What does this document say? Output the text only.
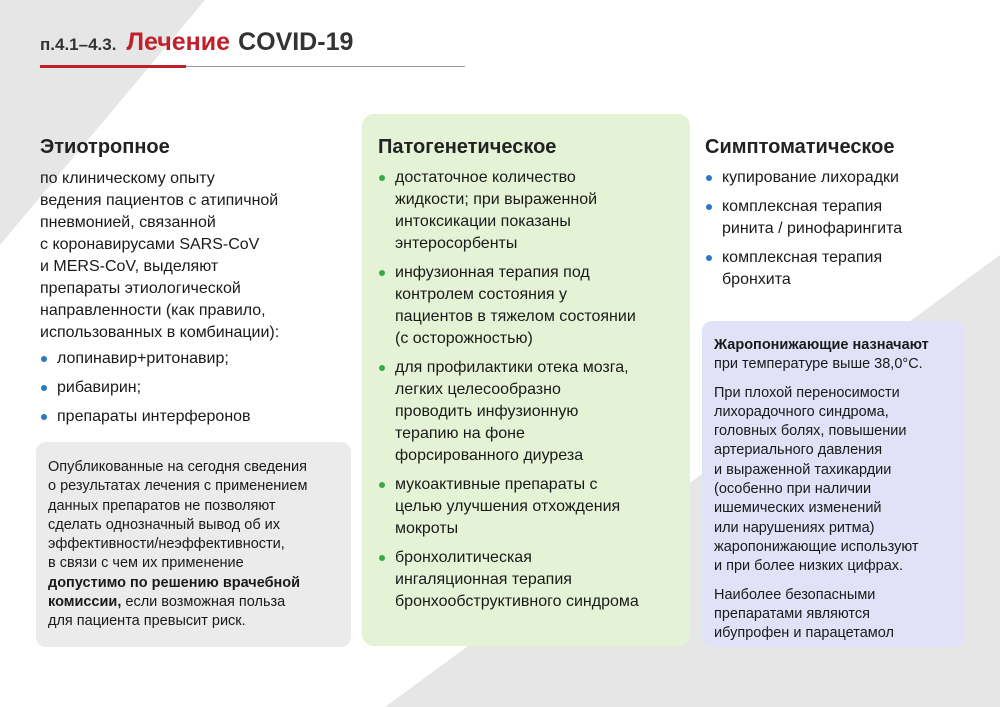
п.4.1–4.3. Лечение COVID-19
Этиотропное
по клиническому опыту
ведения пациентов с атипичной
пневмонией, связанной
с коронавирусами SARS-CoV
и MERS-CoV, выделяют
препараты этиологической
направленности (как правило,
использованных в комбинации):
лопинавир+ритонавир;
рибавирин;
препараты интерферонов
Опубликованные на сегодня сведения
о результатах лечения с применением
данных препаратов не позволяют
сделать однозначный вывод об их
эффективности/неэффективности,
в связи с чем их применение
допустимо по решению врачебной
комиссии, если возможная польза
для пациента превысит риск.
Патогенетическое
достаточное количество
жидкости; при выраженной
интоксикации показаны
энтеросорбенты
инфузионная терапия под
контролем состояния у
пациентов в тяжелом состоянии
(с осторожностью)
для профилактики отека мозга,
легких целесообразно
проводить инфузионную
терапию на фоне
форсированного диуреза
мукоактивные препараты с
целью улучшения отхождения
мокроты
бронхолитическая
ингаляционная терапия
бронхообструктивного синдрома
Симптоматическое
купирование лихорадки
комплексная терапия
ринита / ринофарингита
комплексная терапия
бронхита

Жаропонижающие назначают
при температуре выше 38,0°С.

При плохой переносимости
лихорадочного синдрома,
головных болях, повышении
артериального давления
и выраженной тахикардии
(особенно при наличии
ишемических изменений
или нарушениях ритма)
жаропонижающие используют
и при более низких цифрах.

Наиболее безопасными
препаратами являются
ибупрофен и парацетамол
